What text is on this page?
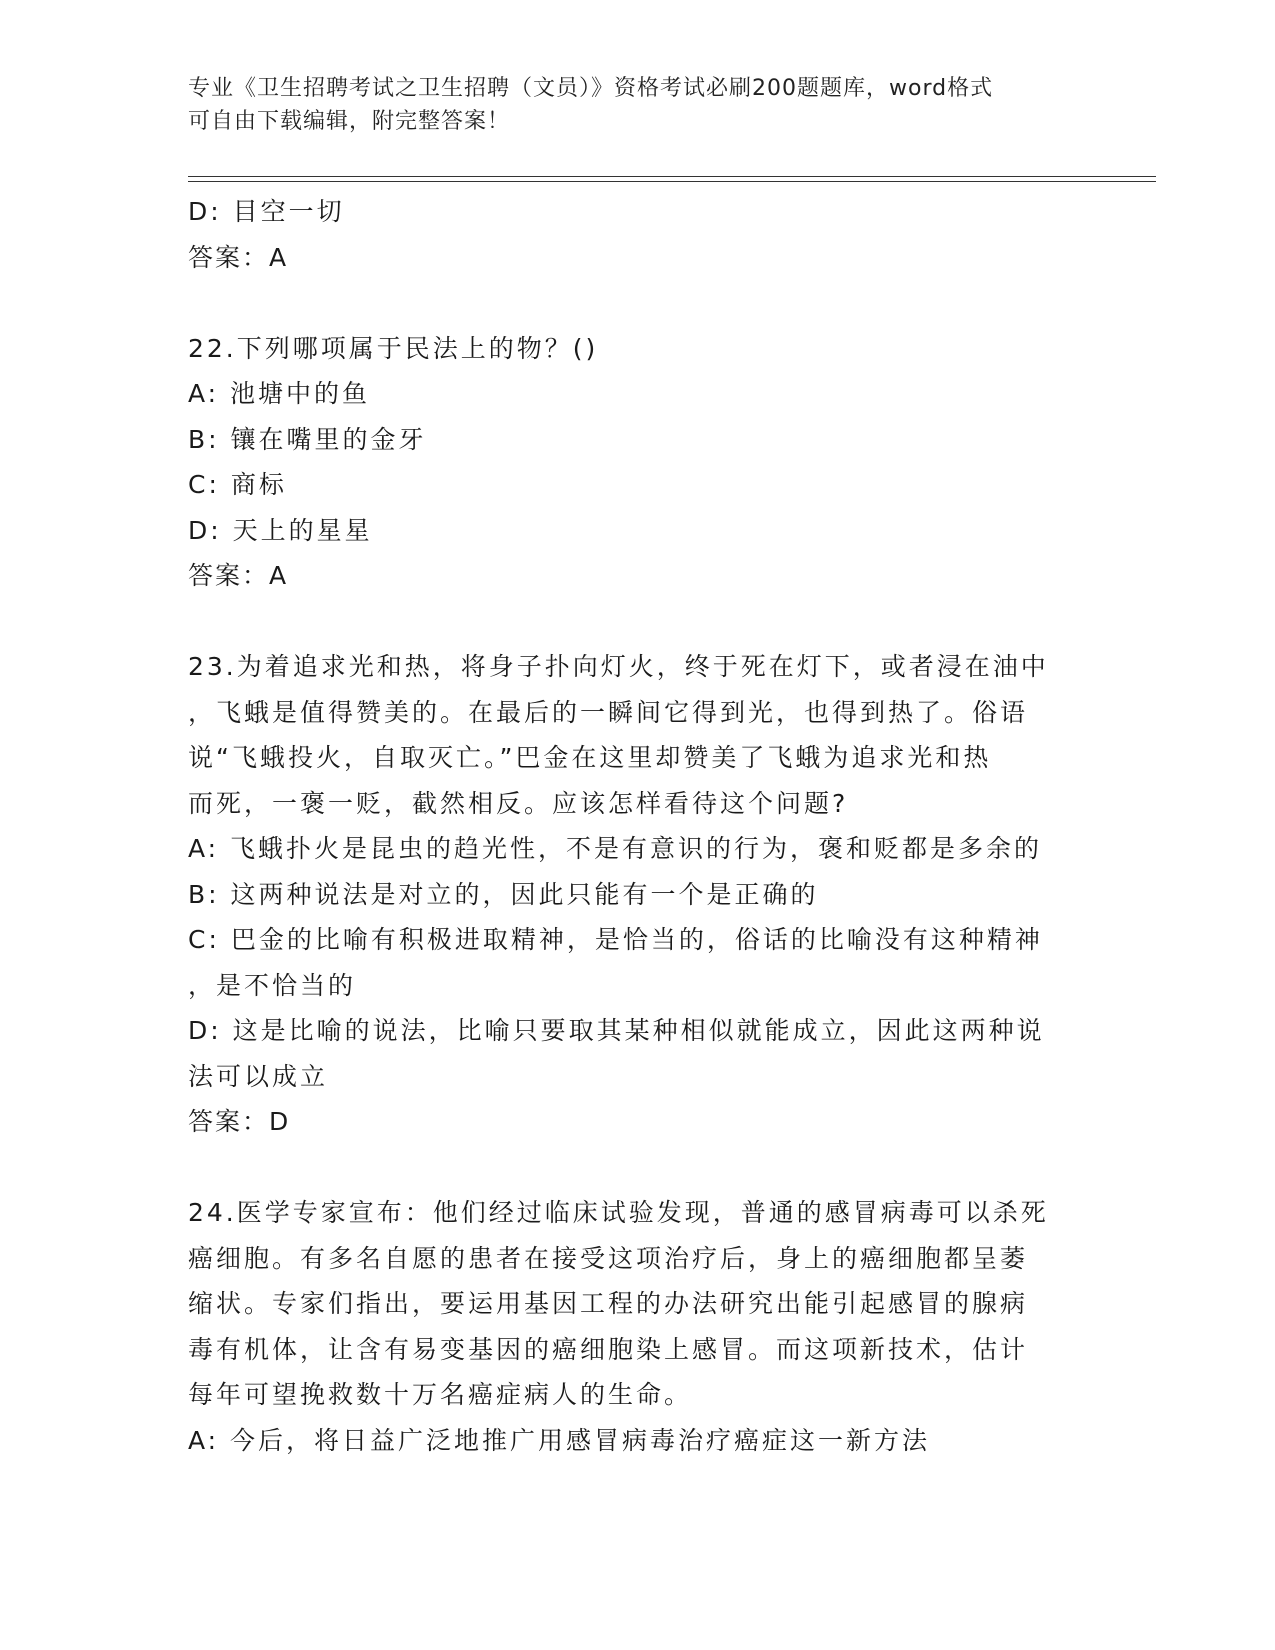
专业《卫生招聘考试之卫生招聘（文员）》资格考试必刷200题题库，word格式
可自由下载编辑，附完整答案！
D: 目空一切
答案：A
22.下列哪项属于民法上的物？()
A: 池塘中的鱼
B: 镶在嘴里的金牙
C: 商标
D: 天上的星星
答案：A
23.为着追求光和热，将身子扑向灯火，终于死在灯下，或者浸在油中
，飞蛾是值得赞美的。在最后的一瞬间它得到光，也得到热了。俗语
说“飞蛾投火，自取灭亡。”巴金在这里却赞美了飞蛾为追求光和热
而死，一褒一贬，截然相反。应该怎样看待这个问题?
A: 飞蛾扑火是昆虫的趋光性，不是有意识的行为，褒和贬都是多余的
B: 这两种说法是对立的，因此只能有一个是正确的
C: 巴金的比喻有积极进取精神，是恰当的，俗话的比喻没有这种精神
，是不恰当的
D: 这是比喻的说法，比喻只要取其某种相似就能成立，因此这两种说
法可以成立
答案：D
24.医学专家宣布：他们经过临床试验发现，普通的感冒病毒可以杀死
癌细胞。有多名自愿的患者在接受这项治疗后，身上的癌细胞都呈萎
缩状。专家们指出，要运用基因工程的办法研究出能引起感冒的腺病
毒有机体，让含有易变基因的癌细胞染上感冒。而这项新技术，估计
每年可望挽救数十万名癌症病人的生命。
A: 今后，将日益广泛地推广用感冒病毒治疗癌症这一新方法
